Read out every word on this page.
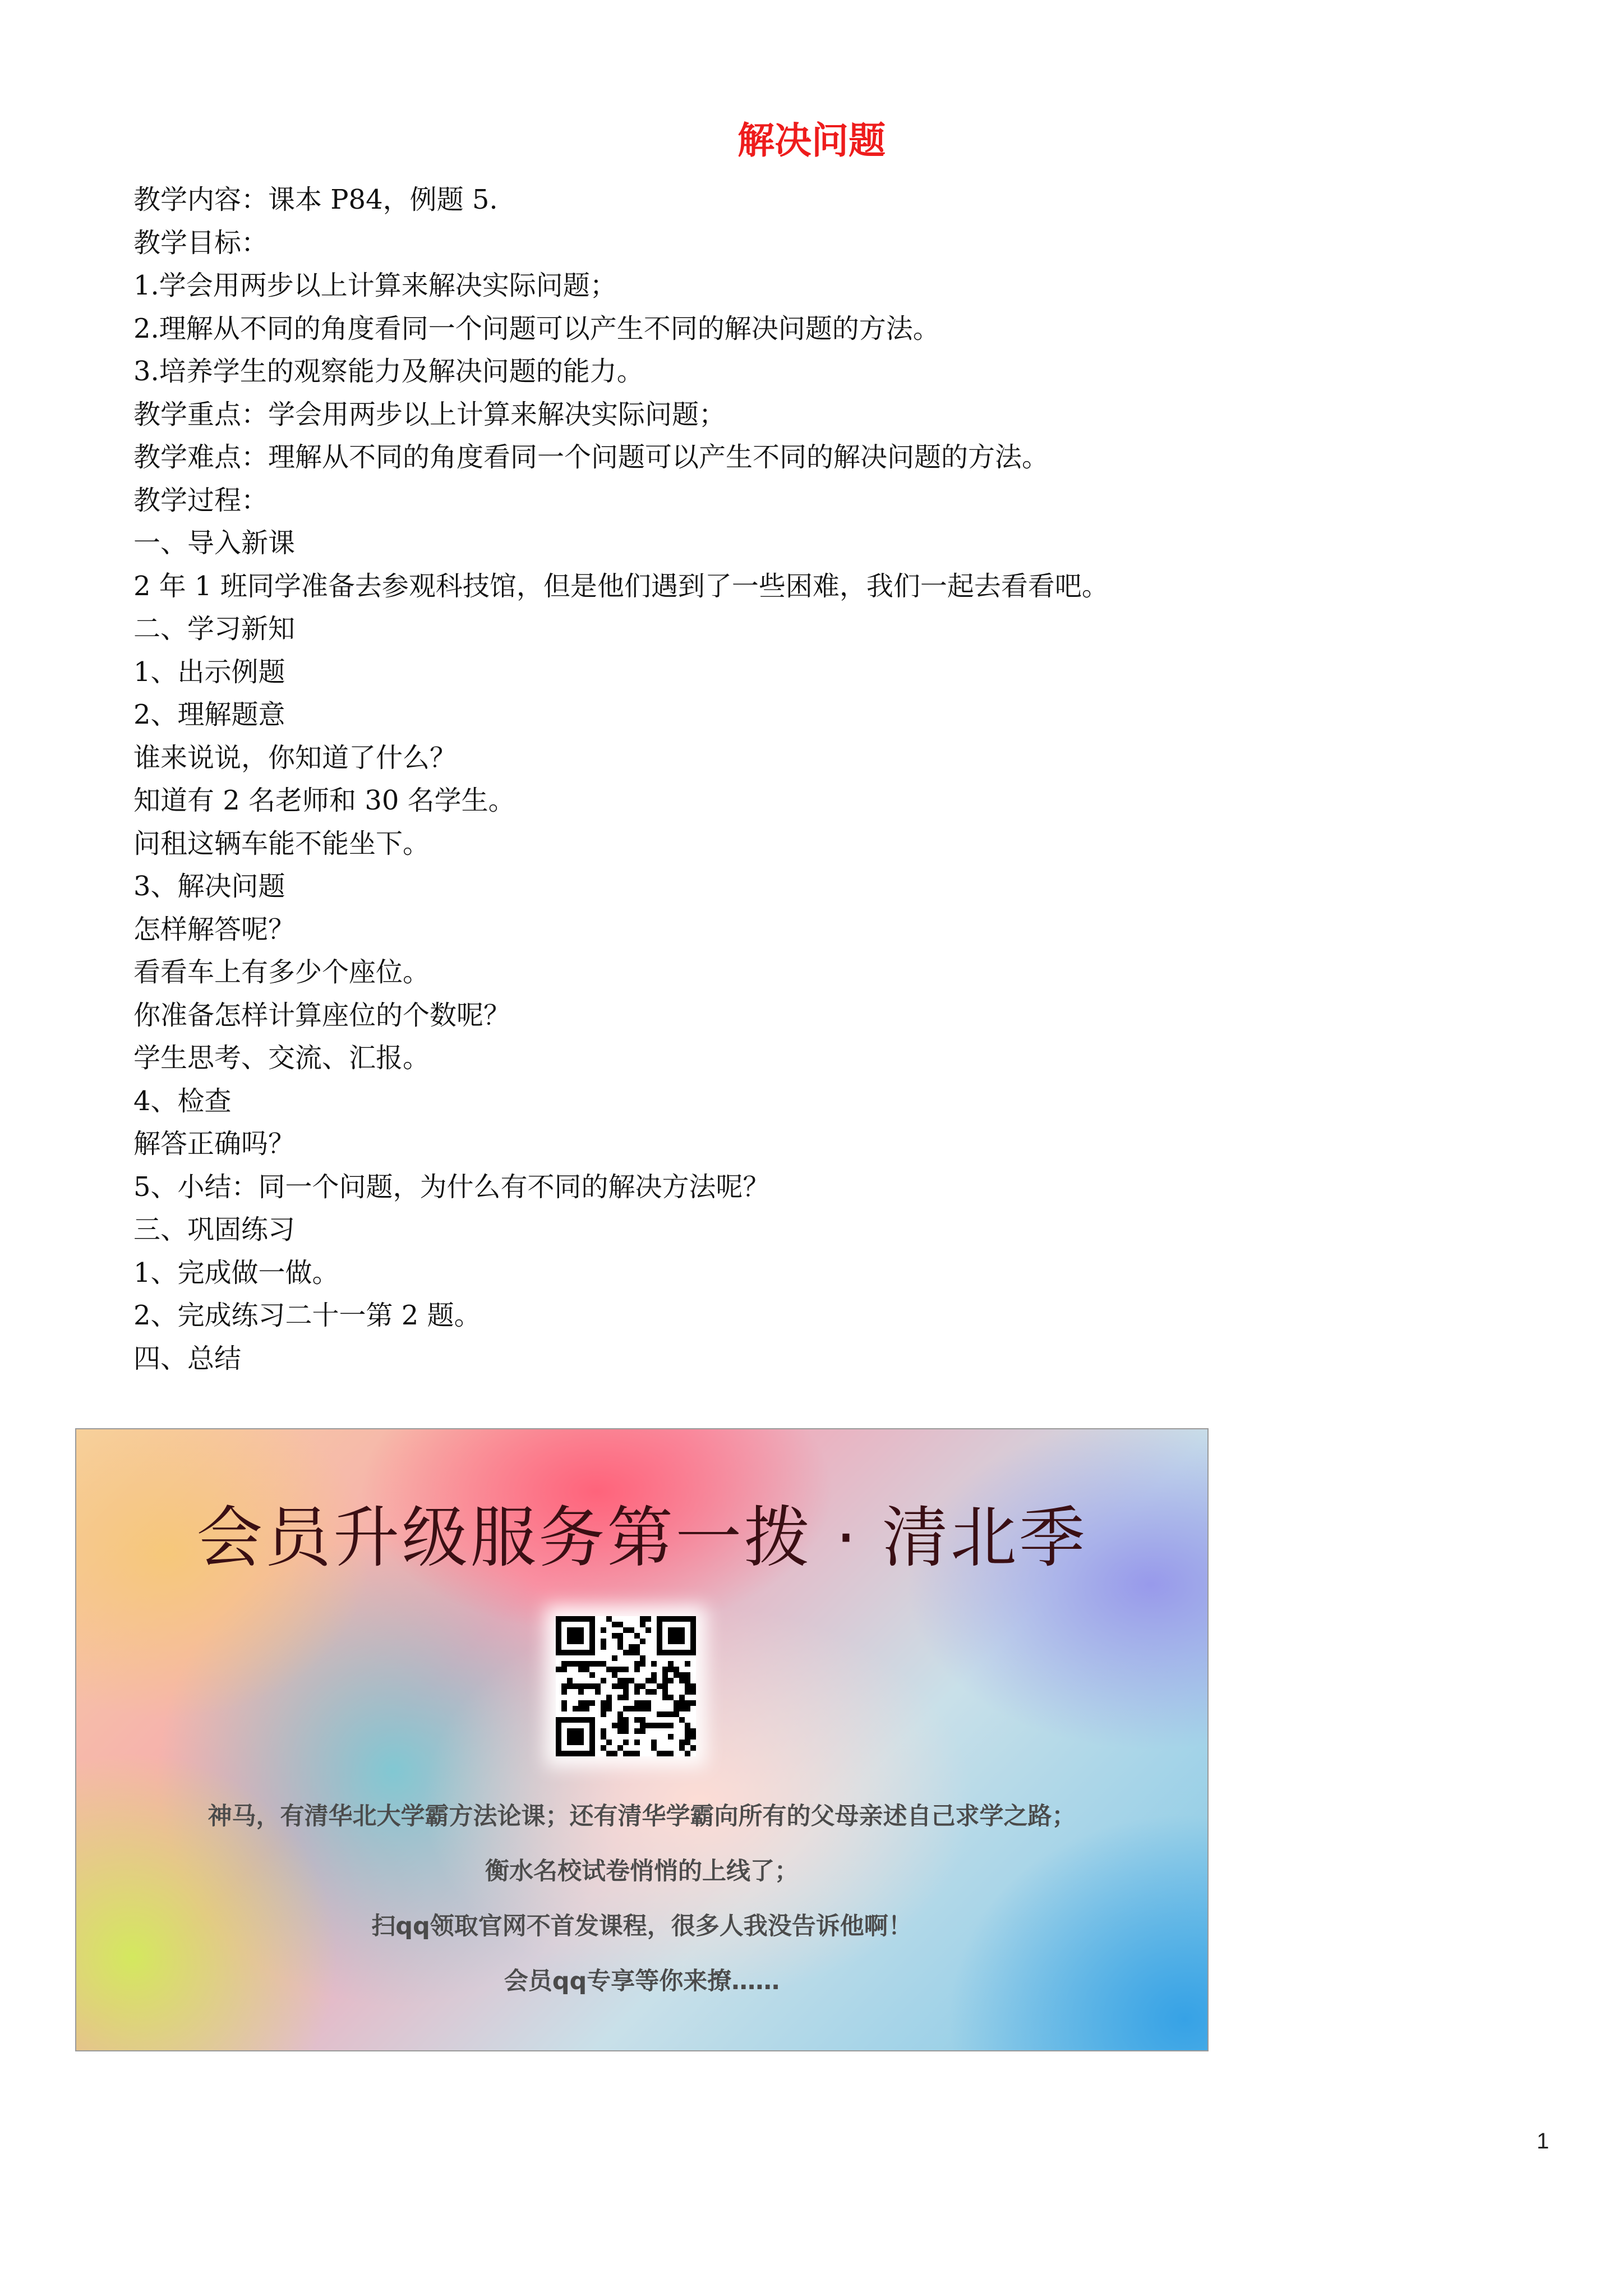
解决问题
教学内容：课本 P84，例题 5.
教学目标：
1.学会用两步以上计算来解决实际问题；
2.理解从不同的角度看同一个问题可以产生不同的解决问题的方法。
3.培养学生的观察能力及解决问题的能力。
教学重点：学会用两步以上计算来解决实际问题；
教学难点：理解从不同的角度看同一个问题可以产生不同的解决问题的方法。
教学过程：
一、导入新课
2 年 1 班同学准备去参观科技馆，但是他们遇到了一些困难，我们一起去看看吧。
二、学习新知
1、出示例题
2、理解题意
谁来说说，你知道了什么？
知道有 2 名老师和 30 名学生。
问租这辆车能不能坐下。
3、解决问题
怎样解答呢？
看看车上有多少个座位。
你准备怎样计算座位的个数呢？
学生思考、交流、汇报。
4、检查
解答正确吗？
5、小结：同一个问题，为什么有不同的解决方法呢？
三、巩固练习
1、完成做一做。
2、完成练习二十一第 2 题。
四、总结
会员升级服务第一拨 · 清北季
神马，有清华北大学霸方法论课；还有清华学霸向所有的父母亲述自己求学之路；
衡水名校试卷悄悄的上线了；
扫qq领取官网不首发课程，很多人我没告诉他啊！
会员qq专享等你来撩……
1
